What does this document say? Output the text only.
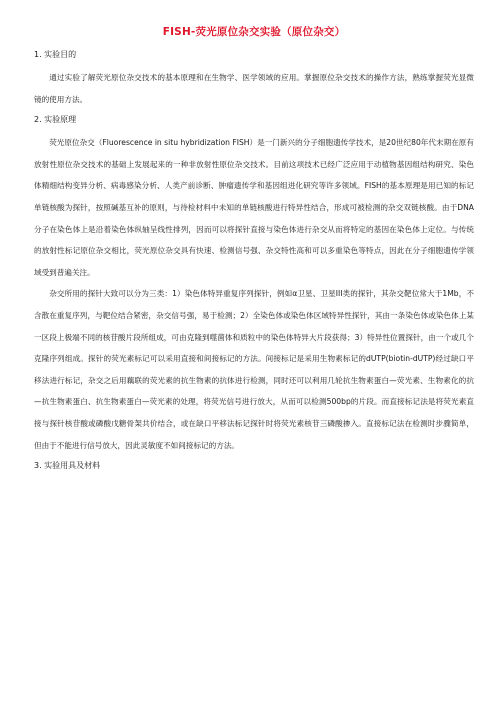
FISH-荧光原位杂交实验（原位杂交）
1. 实验目的

通过实验了解荧光原位杂交技术的基本原理和在生物学、医学领域的应用。掌握原位杂交技术的操作方法，熟练掌握荧光显微镜的使用方法。

2. 实验原理

荧光原位杂交（Fluorescence in situ hybridization FISH）是一门新兴的分子细胞遗传学技术，是20世纪80年代末期在原有放射性原位杂交技术的基础上发展起来的一种非放射性原位杂交技术。目前这项技术已经广泛应用于动植物基因组结构研究、染色体精细结构变异分析、病毒感染分析、人类产前诊断、肿瘤遗传学和基因组进化研究等许多领域。FISH的基本原理是用已知的标记单链核酸为探针，按照碱基互补的原则，与待检材料中未知的单链核酸进行特异性结合，形成可被检测的杂交双链核酸。由于DNA分子在染色体上是沿着染色体纵轴呈线性排列，因而可以将探针直接与染色体进行杂交从而将特定的基因在染色体上定位。与传统的放射性标记原位杂交相比，荧光原位杂交具有快速、检测信号强、杂交特性高和可以多重染色等特点，因此在分子细胞遗传学领域受到普遍关注。

杂交所用的探针大致可以分为三类：1）染色体特异重复序列探针，例如α卫星、卫星III类的探针，其杂交靶位常大于1Mb，不含散在重复序列，与靶位结合紧密，杂交信号强，易于检测；2）全染色体或染色体区域特异性探针，其由一条染色体或染色体上某一区段上极端不同的核苷酸片段所组成，可由克隆到噬菌体和质粒中的染色体特异大片段获得；3）特异性位置探针，由一个或几个克隆序列组成。探针的荧光素标记可以采用直接和间接标记的方法。间接标记是采用生物素标记的dUTP(biotin-dUTP)经过缺口平移法进行标记，杂交之后用藕联的荧光素的抗生物素的抗体进行检测，同时还可以利用几轮抗生物素蛋白—荧光素、生物素化的抗—抗生物素蛋白、抗生物素蛋白—荧光素的处理，将荧光信号进行放大，从而可以检测500bp的片段。而直接标记法是将荧光素直接与探针核苷酸或磷酸戊糖骨架共价结合，或在缺口平移法标记探针时将荧光素核苷三磷酸掺入。直接标记法在检测时步骤简单，但由于不能进行信号放大，因此灵敏度不如间接标记的方法。

3. 实验用具及材料
